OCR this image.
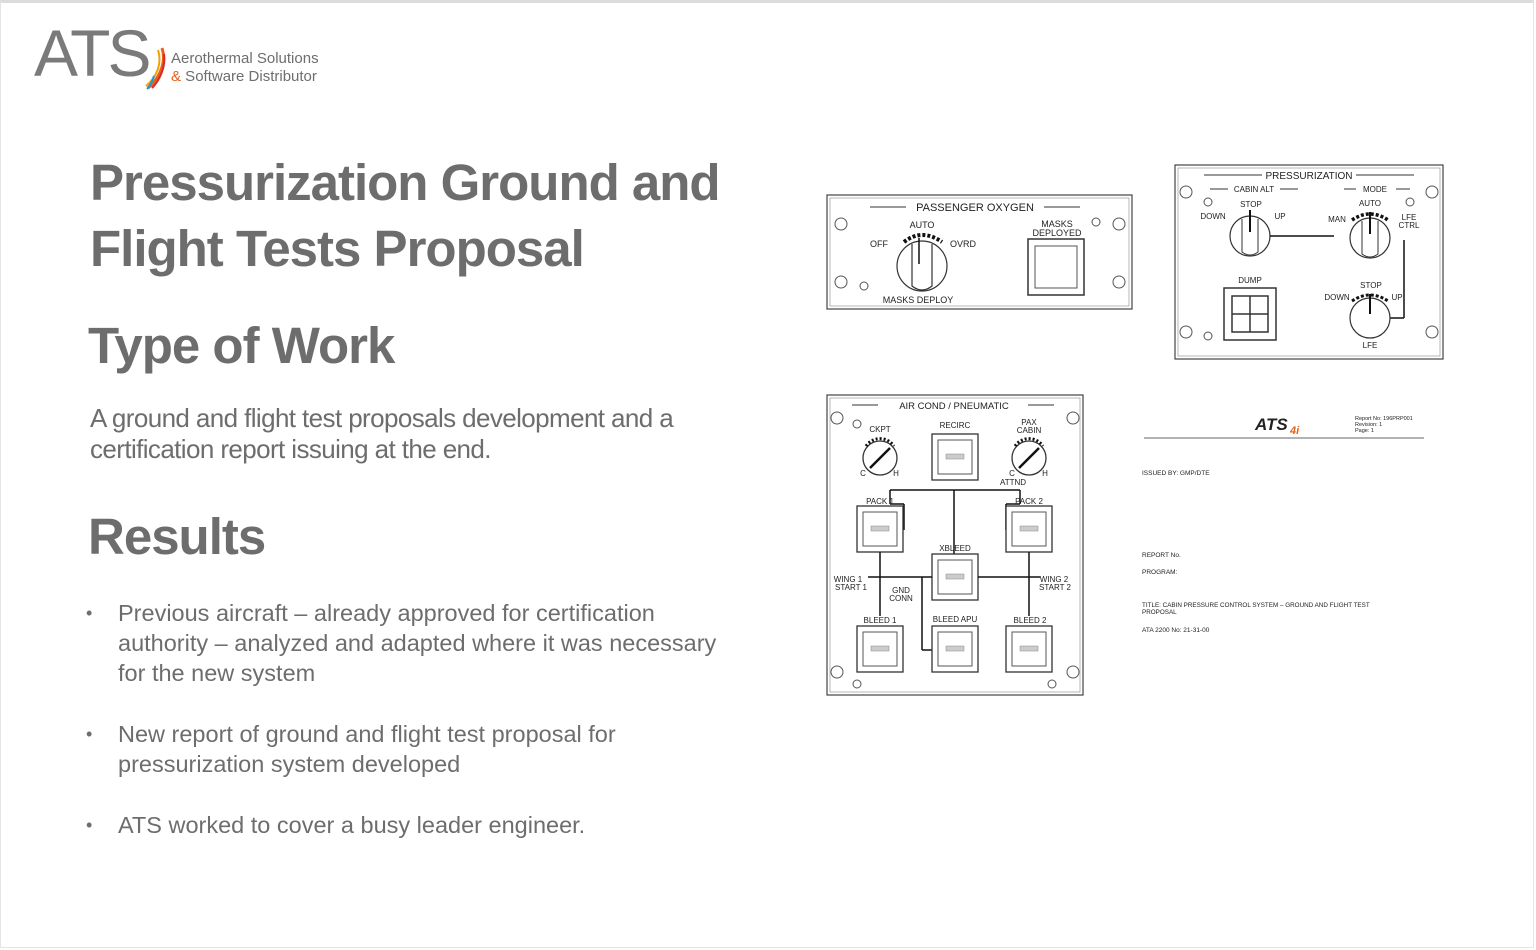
ATS Aerothermal Solutions
& Software Distributor
Pressurization Ground and Flight Tests Proposal
Type of Work
A ground and flight test proposals development and a certification report issuing at the end.
Results
• Previous aircraft – already approved for certification authority – analyzed and adapted where it was necessary for the new system
• New report of ground and flight test proposal for pressurization system developed
• ATS worked to cover a busy leader engineer.
PASSENGER OXYGEN
AUTO
OFF	OVRD
MASKS DEPLOY
MASKS
DEPLOYED
PRESSURIZATION
CABIN ALT	MODE
STOP
DOWN	UP	MAN
AUTO
LFE
CTRL
DUMP
STOP
DOWN	UP
LFE
AIR COND / PNEUMATIC
CKPT	RECIRC	PAX
CABIN
C	H	C	H
ATTND
PACK 1	PACK 2
XBLEED
WING 1
START 1	GND
CONN
WING 2
START 2
BLEED 1	BLEED APU	BLEED 2
ATS 4i
Report No: 196PRP001
Revision: 1
Page: 1
ISSUED BY: GMP/DTE
REPORT No.
PROGRAM:
TITLE: CABIN PRESSURE CONTROL SYSTEM – GROUND AND FLIGHT TEST
PROPOSAL
ATA 2200 No: 21-31-00
